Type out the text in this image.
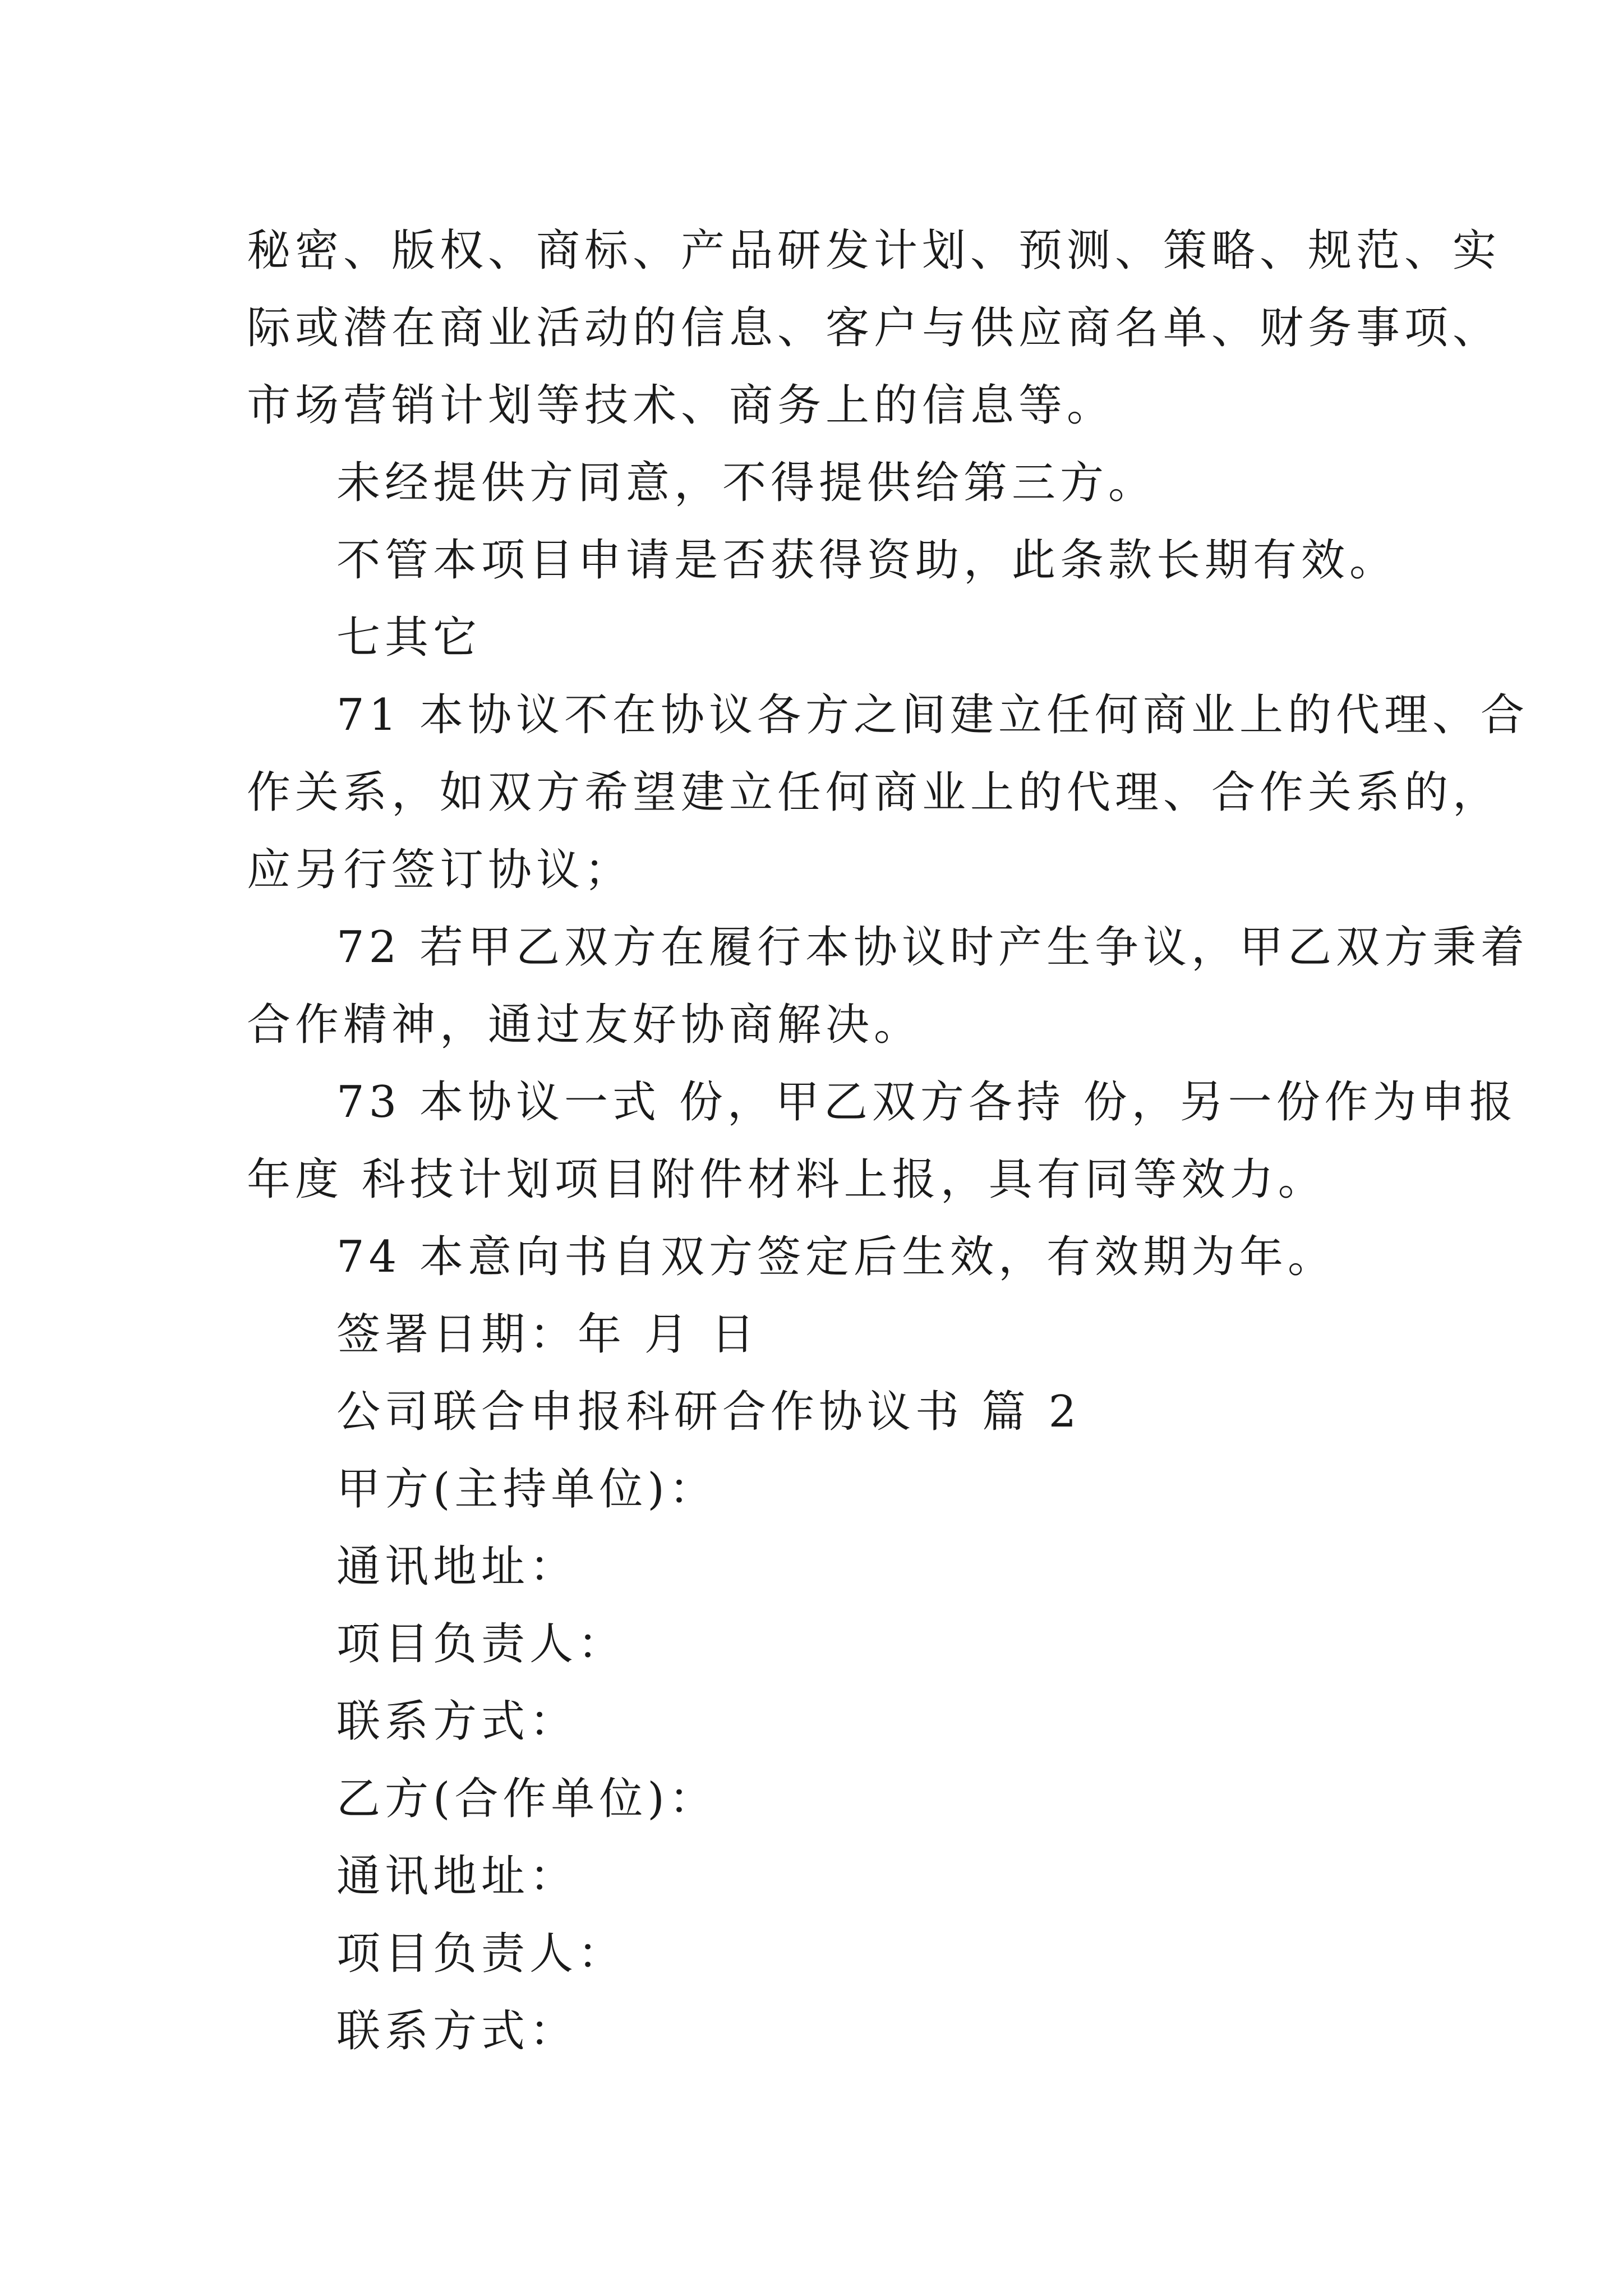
秘密、版权、商标、产品研发计划、预测、策略、规范、实

际或潜在商业活动的信息、客户与供应商名单、财务事项、

市场营销计划等技术、商务上的信息等。

未经提供方同意，不得提供给第三方。

不管本项目申请是否获得资助，此条款长期有效。

七其它

71 本协议不在协议各方之间建立任何商业上的代理、合

作关系，如双方希望建立任何商业上的代理、合作关系的，

应另行签订协议；

72 若甲乙双方在履行本协议时产生争议，甲乙双方秉着

合作精神，通过友好协商解决。

73 本协议一式 份，甲乙双方各持 份，另一份作为申报

年度 科技计划项目附件材料上报，具有同等效力。

74 本意向书自双方签定后生效，有效期为年。

签署日期：年 月 日

公司联合申报科研合作协议书 篇 2

甲方(主持单位)：

通讯地址：

项目负责人：

联系方式：

乙方(合作单位)：

通讯地址：

项目负责人：

联系方式：
